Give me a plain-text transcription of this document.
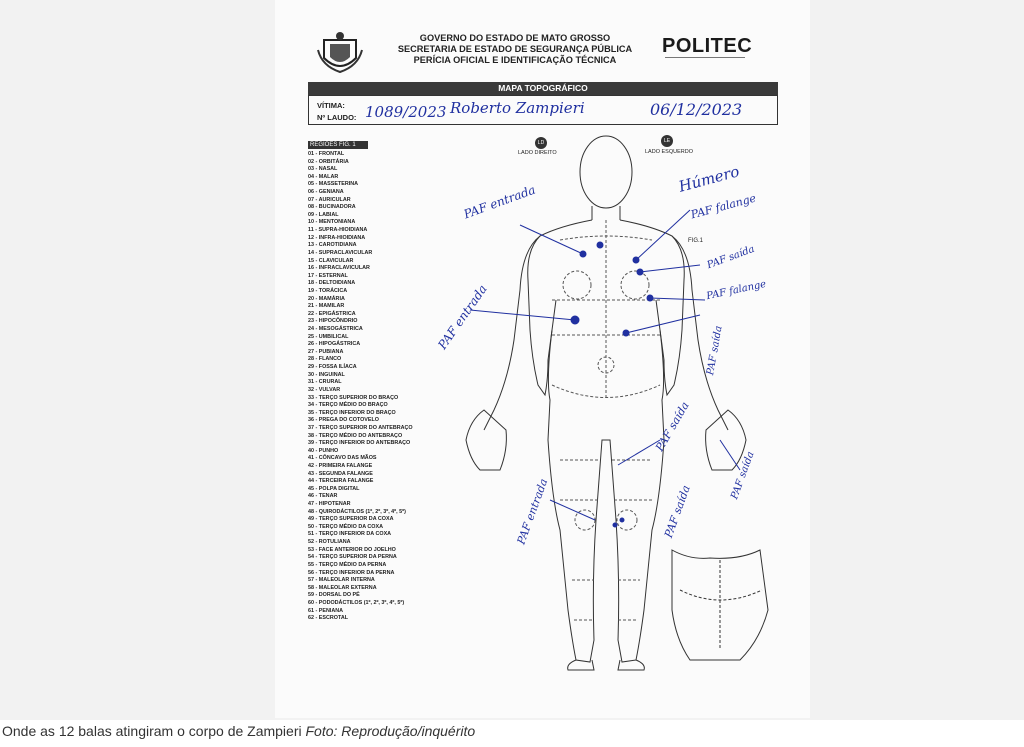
GOVERNO DO ESTADO DE MATO GROSSO
SECRETARIA DE ESTADO DE SEGURANÇA PÚBLICA
PERÍCIA OFICIAL E IDENTIFICAÇÃO TÉCNICA
POLITEC
MAPA TOPOGRÁFICO
VÍTIMA:
Nº LAUDO: 1089/2023 Roberto Zampieri	06/12/2023
REGIÕES FIG. 1
01 - FRONTAL
02 - ORBITÁRIA
03 - NASAL
04 - MALAR
05 - MASSETERINA
06 - GENIANA
07 - AURICULAR
08 - BUCINADORA
09 - LABIAL
10 - MENTONIANA
11 - SUPRA-HIOIDIANA
12 - INFRA-HIOIDIANA
13 - CAROTIDIANA
14 - SUPRACLAVICULAR
15 - CLAVICULAR
16 - INFRACLAVICULAR
17 - ESTERNAL
18 - DELTOIDIANA
19 - TORÁCICA
20 - MAMÁRIA
21 - MAMILAR
22 - EPIGÁSTRICA
23 - HIPOCÔNDRIO
24 - MESOGÁSTRICA
25 - UMBILICAL
26 - HIPOGÁSTRICA
27 - PUBIANA
28 - FLANCO
29 - FOSSA ILÍACA
30 - INGUINAL
31 - CRURAL
32 - VULVAR
33 - TERÇO SUPERIOR DO BRAÇO
34 - TERÇO MÉDIO DO BRAÇO
35 - TERÇO INFERIOR DO BRAÇO
36 - PREGA DO COTOVELO
37 - TERÇO SUPERIOR DO ANTEBRAÇO
38 - TERÇO MÉDIO DO ANTEBRAÇO
39 - TERÇO INFERIOR DO ANTEBRAÇO
40 - PUNHO
41 - CÔNCAVO DAS MÃOS
42 - PRIMEIRA FALANGE
43 - SEGUNDA FALANGE
44 - TERCEIRA FALANGE
45 - POLPA DIGITAL
46 - TENAR
47 - HIPOTENAR
48 - QUIRODÁCTILOS (1º, 2º, 3º, 4º, 5º)
49 - TERÇO SUPERIOR DA COXA
50 - TERÇO MÉDIO DA COXA
51 - TERÇO INFERIOR DA COXA
52 - ROTULIANA
53 - FACE ANTERIOR DO JOELHO
54 - TERÇO SUPERIOR DA PERNA
55 - TERÇO MÉDIO DA PERNA
56 - TERÇO INFERIOR DA PERNA
57 - MALEOLAR INTERNA
58 - MALEOLAR EXTERNA
59 - DORSAL DO PÉ
60 - PODODÁCTILOS (1º, 2º, 3º, 4º, 5º)
61 - PENIANA
62 - ESCROTAL
LD
LADO DIREITO
LE
LADO ESQUERDO
FIG.1
PAF entrada
Húmero
PAF falange
PAF saída
PAF falange
PAF saída
PAF entrada
PAF saída
PAF saída
PAF entrada	PAF saída
Onde as 12 balas atingiram o corpo de Zampieri Foto: Reprodução/inquérito
